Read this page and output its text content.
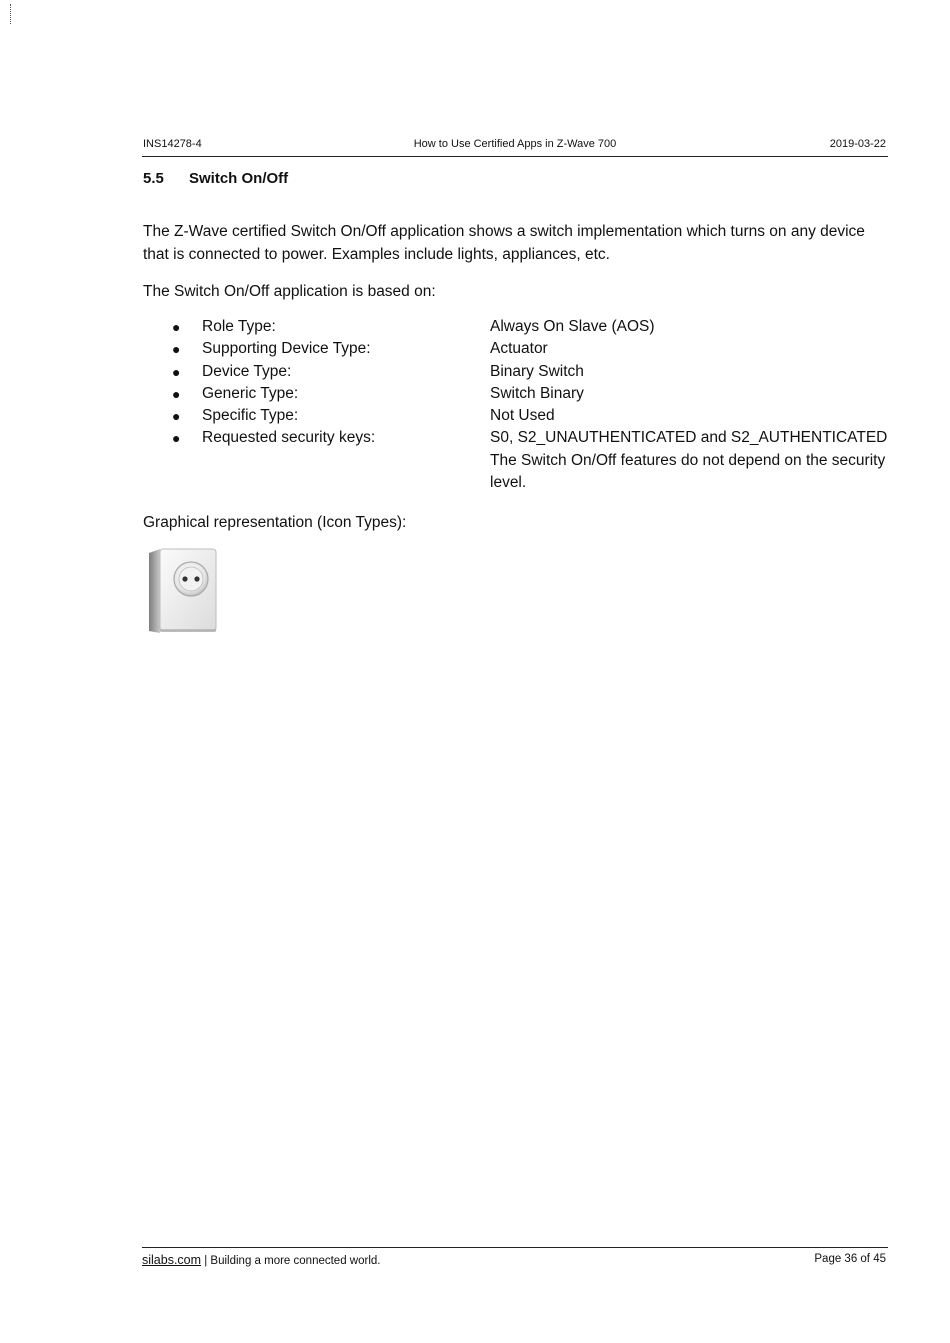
INS14278-4	How to Use Certified Apps in Z-Wave 700	2019-03-22
5.5 Switch On/Off
The Z-Wave certified Switch On/Off application shows a switch implementation which turns on any device that is connected to power. Examples include lights, appliances, etc.
The Switch On/Off application is based on:
●	Role Type:	Always On Slave (AOS)
●	Supporting Device Type:	Actuator
●	Device Type:	Binary Switch
●	Generic Type:	Switch Binary
●	Specific Type:	Not Used
●	Requested security keys:	S0, S2_UNAUTHENTICATED and S2_AUTHENTICATED
The Switch On/Off features do not depend on the security level.
Graphical representation (Icon Types):
silabs.com | Building a more connected world.	Page 36 of 45
